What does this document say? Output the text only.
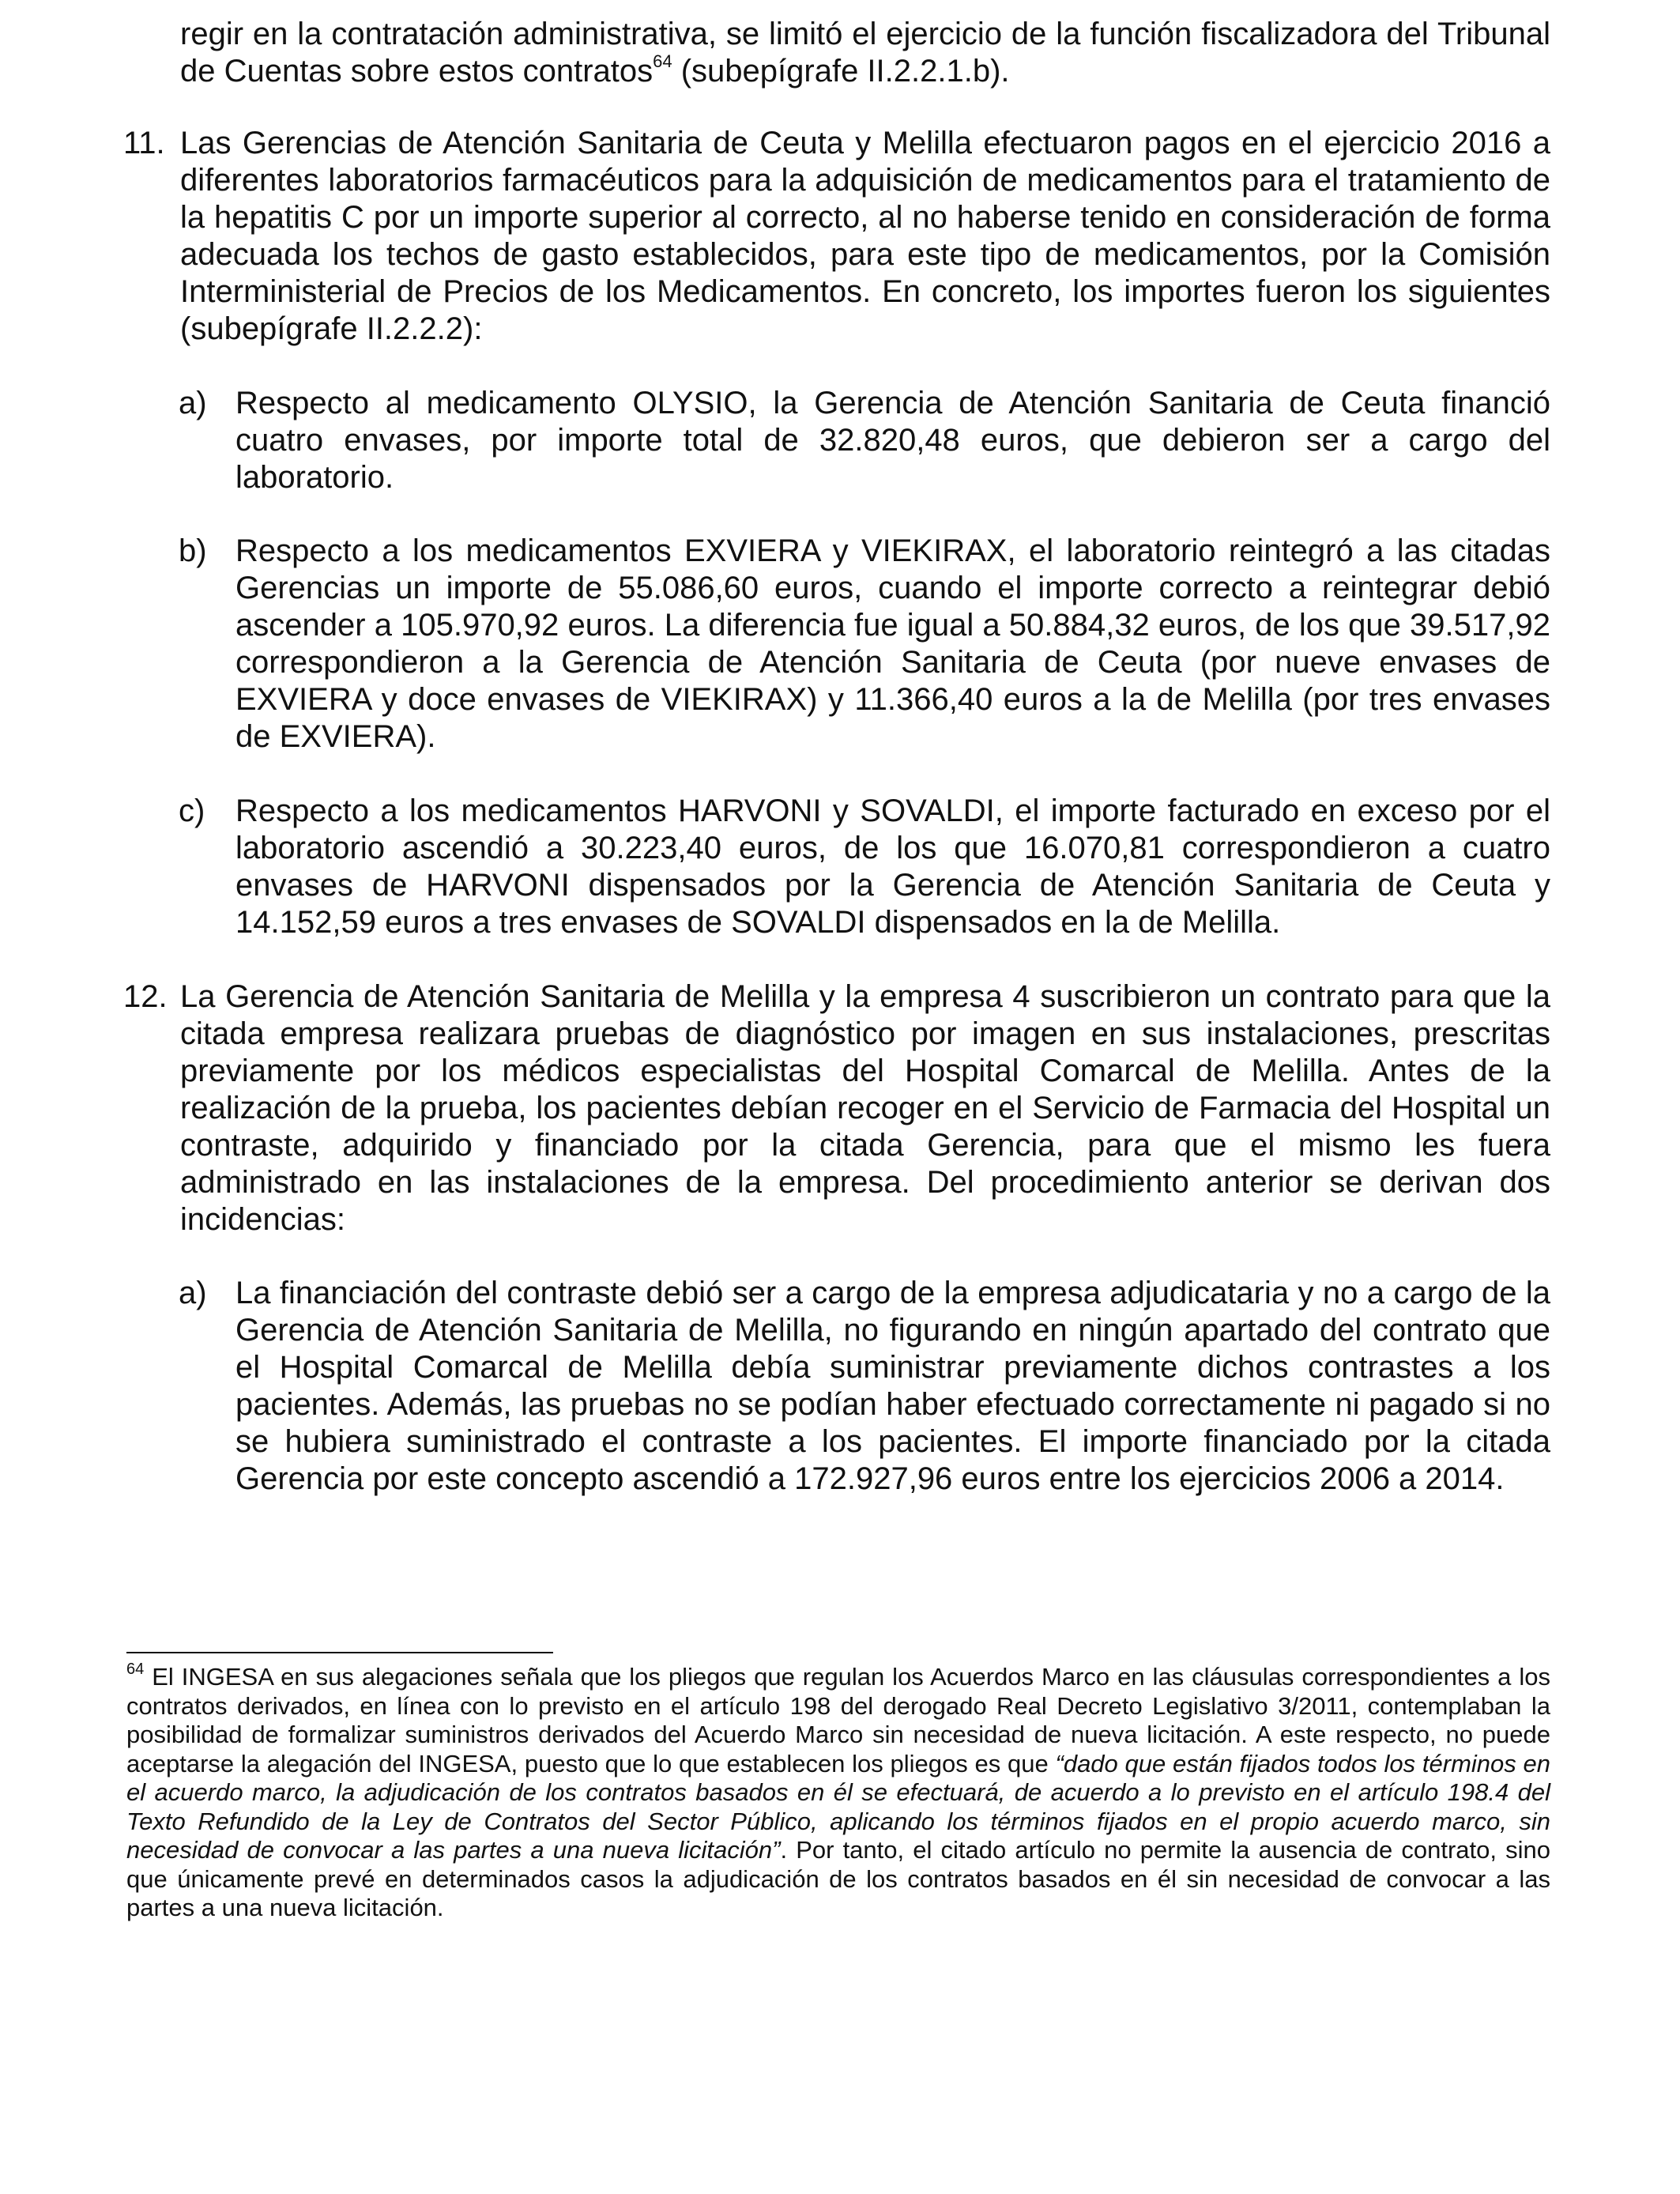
regir en la contratación administrativa, se limitó el ejercicio de la función fiscalizadora del Tribunal de Cuentas sobre estos contratos$^{64}$ (subepígrafe II.2.2.1.b).

11. Las Gerencias de Atención Sanitaria de Ceuta y Melilla efectuaron pagos en el ejercicio 2016 a diferentes laboratorios farmacéuticos para la adquisición de medicamentos para el tratamiento de la hepatitis C por un importe superior al correcto, al no haberse tenido en consideración de forma adecuada los techos de gasto establecidos, para este tipo de medicamentos, por la Comisión Interministerial de Precios de los Medicamentos. En concreto, los importes fueron los siguientes (subepígrafe II.2.2.2):

a) Respecto al medicamento OLYSIO, la Gerencia de Atención Sanitaria de Ceuta financió cuatro envases, por importe total de 32.820,48 euros, que debieron ser a cargo del laboratorio.

b) Respecto a los medicamentos EXVIERA y VIEKIRAX, el laboratorio reintegró a las citadas Gerencias un importe de 55.086,60 euros, cuando el importe correcto a reintegrar debió ascender a 105.970,92 euros. La diferencia fue igual a 50.884,32 euros, de los que 39.517,92 correspondieron a la Gerencia de Atención Sanitaria de Ceuta (por nueve envases de EXVIERA y doce envases de VIEKIRAX) y 11.366,40 euros a la de Melilla (por tres envases de EXVIERA).

c) Respecto a los medicamentos HARVONI y SOVALDI, el importe facturado en exceso por el laboratorio ascendió a 30.223,40 euros, de los que 16.070,81 correspondieron a cuatro envases de HARVONI dispensados por la Gerencia de Atención Sanitaria de Ceuta y 14.152,59 euros a tres envases de SOVALDI dispensados en la de Melilla.

12. La Gerencia de Atención Sanitaria de Melilla y la empresa 4 suscribieron un contrato para que la citada empresa realizara pruebas de diagnóstico por imagen en sus instalaciones, prescritas previamente por los médicos especialistas del Hospital Comarcal de Melilla. Antes de la realización de la prueba, los pacientes debían recoger en el Servicio de Farmacia del Hospital un contraste, adquirido y financiado por la citada Gerencia, para que el mismo les fuera administrado en las instalaciones de la empresa. Del procedimiento anterior se derivan dos incidencias:

a) La financiación del contraste debió ser a cargo de la empresa adjudicataria y no a cargo de la Gerencia de Atención Sanitaria de Melilla, no figurando en ningún apartado del contrato que el Hospital Comarcal de Melilla debía suministrar previamente dichos contrastes a los pacientes. Además, las pruebas no se podían haber efectuado correctamente ni pagado si no se hubiera suministrado el contraste a los pacientes. El importe financiado por la citada Gerencia por este concepto ascendió a 172.927,96 euros entre los ejercicios 2006 a 2014.

$^{64}$ El INGESA en sus alegaciones señala que los pliegos que regulan los Acuerdos Marco en las cláusulas correspondientes a los contratos derivados, en línea con lo previsto en el artículo 198 del derogado Real Decreto Legislativo 3/2011, contemplaban la posibilidad de formalizar suministros derivados del Acuerdo Marco sin necesidad de nueva licitación. A este respecto, no puede aceptarse la alegación del INGESA, puesto que lo que establecen los pliegos es que “dado que están fijados todos los términos en el acuerdo marco, la adjudicación de los contratos basados en él se efectuará, de acuerdo a lo previsto en el artículo 198.4 del Texto Refundido de la Ley de Contratos del Sector Público, aplicando los términos fijados en el propio acuerdo marco, sin necesidad de convocar a las partes a una nueva licitación”. Por tanto, el citado artículo no permite la ausencia de contrato, sino que únicamente prevé en determinados casos la adjudicación de los contratos basados en él sin necesidad de convocar a las partes a una nueva licitación.
